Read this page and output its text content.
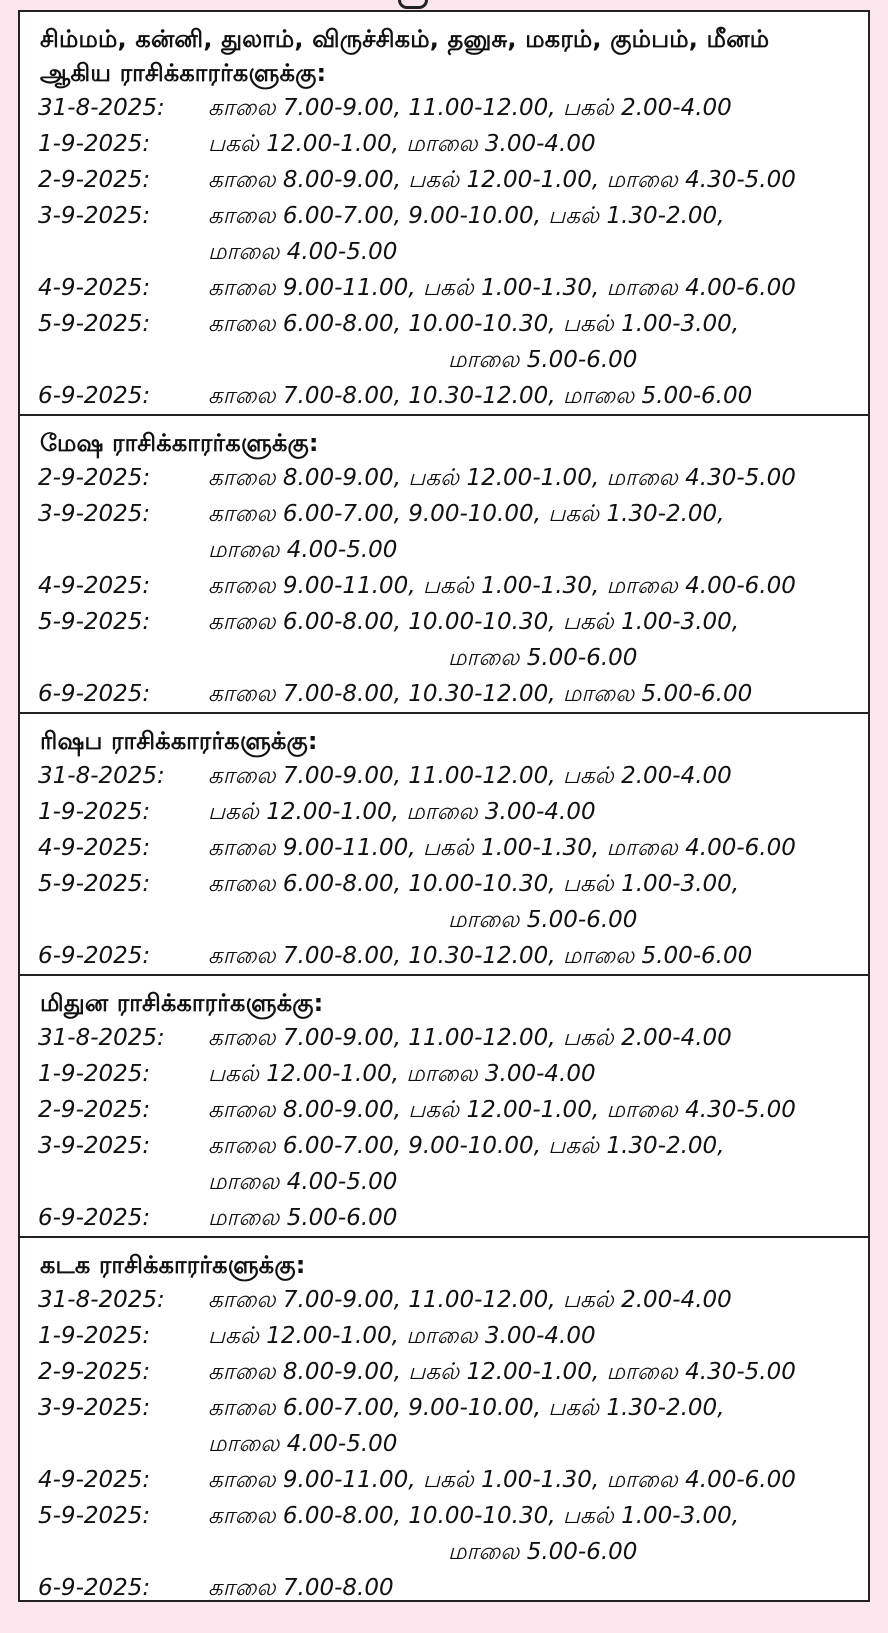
சிம்மம், கன்னி, துலாம், விருச்சிகம், தனுசு, மகரம், கும்பம், மீனம் ஆகிய ராசிக்காரர்களுக்கு:
31-8-2025:	காலை 7.00-9.00, 11.00-12.00, பகல் 2.00-4.00
1-9-2025:	பகல் 12.00-1.00, மாலை 3.00-4.00
2-9-2025:	காலை 8.00-9.00, பகல் 12.00-1.00, மாலை 4.30-5.00
3-9-2025:	காலை 6.00-7.00, 9.00-10.00, பகல் 1.30-2.00,
மாலை 4.00-5.00
4-9-2025:	காலை 9.00-11.00, பகல் 1.00-1.30, மாலை 4.00-6.00
5-9-2025:	காலை 6.00-8.00, 10.00-10.30, பகல் 1.00-3.00,
மாலை 5.00-6.00
6-9-2025:	காலை 7.00-8.00, 10.30-12.00, மாலை 5.00-6.00
மேஷ ராசிக்காரர்களுக்கு:
2-9-2025:	காலை 8.00-9.00, பகல் 12.00-1.00, மாலை 4.30-5.00
3-9-2025:	காலை 6.00-7.00, 9.00-10.00, பகல் 1.30-2.00,
மாலை 4.00-5.00
4-9-2025:	காலை 9.00-11.00, பகல் 1.00-1.30, மாலை 4.00-6.00
5-9-2025:	காலை 6.00-8.00, 10.00-10.30, பகல் 1.00-3.00,
மாலை 5.00-6.00
6-9-2025:	காலை 7.00-8.00, 10.30-12.00, மாலை 5.00-6.00
ரிஷப ராசிக்காரர்களுக்கு:
31-8-2025:	காலை 7.00-9.00, 11.00-12.00, பகல் 2.00-4.00
1-9-2025:	பகல் 12.00-1.00, மாலை 3.00-4.00
4-9-2025:	காலை 9.00-11.00, பகல் 1.00-1.30, மாலை 4.00-6.00
5-9-2025:	காலை 6.00-8.00, 10.00-10.30, பகல் 1.00-3.00,
மாலை 5.00-6.00
6-9-2025:	காலை 7.00-8.00, 10.30-12.00, மாலை 5.00-6.00
மிதுன ராசிக்காரர்களுக்கு:
31-8-2025:	காலை 7.00-9.00, 11.00-12.00, பகல் 2.00-4.00
1-9-2025:	பகல் 12.00-1.00, மாலை 3.00-4.00
2-9-2025:	காலை 8.00-9.00, பகல் 12.00-1.00, மாலை 4.30-5.00
3-9-2025:	காலை 6.00-7.00, 9.00-10.00, பகல் 1.30-2.00,
மாலை 4.00-5.00
6-9-2025:	மாலை 5.00-6.00
கடக ராசிக்காரர்களுக்கு:
31-8-2025:	காலை 7.00-9.00, 11.00-12.00, பகல் 2.00-4.00
1-9-2025:	பகல் 12.00-1.00, மாலை 3.00-4.00
2-9-2025:	காலை 8.00-9.00, பகல் 12.00-1.00, மாலை 4.30-5.00
3-9-2025:	காலை 6.00-7.00, 9.00-10.00, பகல் 1.30-2.00,
மாலை 4.00-5.00
4-9-2025:	காலை 9.00-11.00, பகல் 1.00-1.30, மாலை 4.00-6.00
5-9-2025:	காலை 6.00-8.00, 10.00-10.30, பகல் 1.00-3.00,
மாலை 5.00-6.00
6-9-2025:	காலை 7.00-8.00
